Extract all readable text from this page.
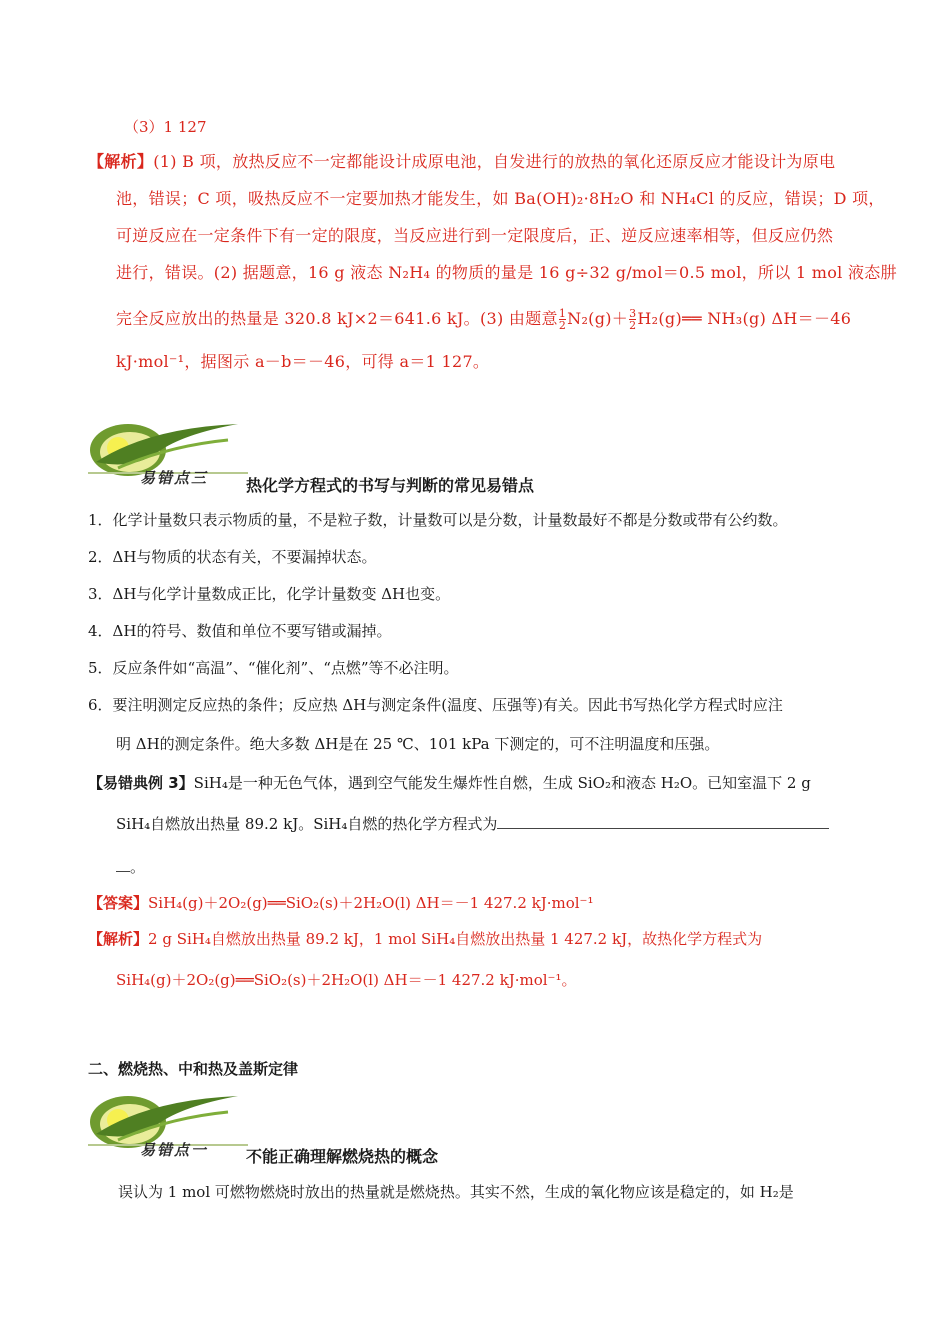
（3）1 127
【解析】(1) B 项，放热反应不一定都能设计成原电池，自发进行的放热的氧化还原反应才能设计为原电
池，错误；C 项，吸热反应不一定要加热才能发生，如 Ba(OH)₂·8H₂O 和 NH₄Cl 的反应，错误；D 项，
可逆反应在一定条件下有一定的限度，当反应进行到一定限度后，正、逆反应速率相等，但反应仍然
进行，错误。(2) 据题意，16 g 液态 N₂H₄ 的物质的量是 16 g÷32 g/mol＝0.5 mol，所以 1 mol 液态肼
完全反应放出的热量是 320.8 kJ×2＝641.6 kJ。(3) 由题意 $\frac{1}{2} N_2(g)+ \frac{3}{2}$ H₂(g)══ NH₃(g) ΔH＝－46
kJ·mol⁻¹，据图示 a－b＝－46，可得 a＝1 127。
易错点三 热化学方程式的书写与判断的常见易错点
1．化学计量数只表示物质的量，不是粒子数，计量数可以是分数，计量数最好不都是分数或带有公约数。
2．ΔH与物质的状态有关，不要漏掉状态。
3．ΔH与化学计量数成正比，化学计量数变 ΔH也变。
4．ΔH的符号、数值和单位不要写错或漏掉。
5．反应条件如“高温”、“催化剂”、“点燃”等不必注明。
6．要注明测定反应热的条件；反应热 ΔH与测定条件(温度、压强等)有关。因此书写热化学方程式时应注
明 ΔH的测定条件。绝大多数 ΔH是在 25 ℃、101 kPa 下测定的，可不注明温度和压强。
【易错典例 3】SiH₄是一种无色气体，遇到空气能发生爆炸性自燃，生成 SiO₂和液态 H₂O。已知室温下 2 g
SiH₄自燃放出热量 89.2 kJ。SiH₄自燃的热化学方程式为
。
【答案】SiH₄(g)＋2O₂(g)══SiO₂(s)＋2H₂O(l) ΔH＝－1 427.2 kJ·mol⁻¹
【解析】2 g SiH₄自燃放出热量 89.2 kJ，1 mol SiH₄自燃放出热量 1 427.2 kJ，故热化学方程式为
SiH₄(g)＋2O₂(g)══SiO₂(s)＋2H₂O(l) ΔH＝－1 427.2 kJ·mol⁻¹。
二、燃烧热、中和热及盖斯定律
易错点一 不能正确理解燃烧热的概念
误认为 1 mol 可燃物燃烧时放出的热量就是燃烧热。其实不然，生成的氧化物应该是稳定的，如 H₂是
